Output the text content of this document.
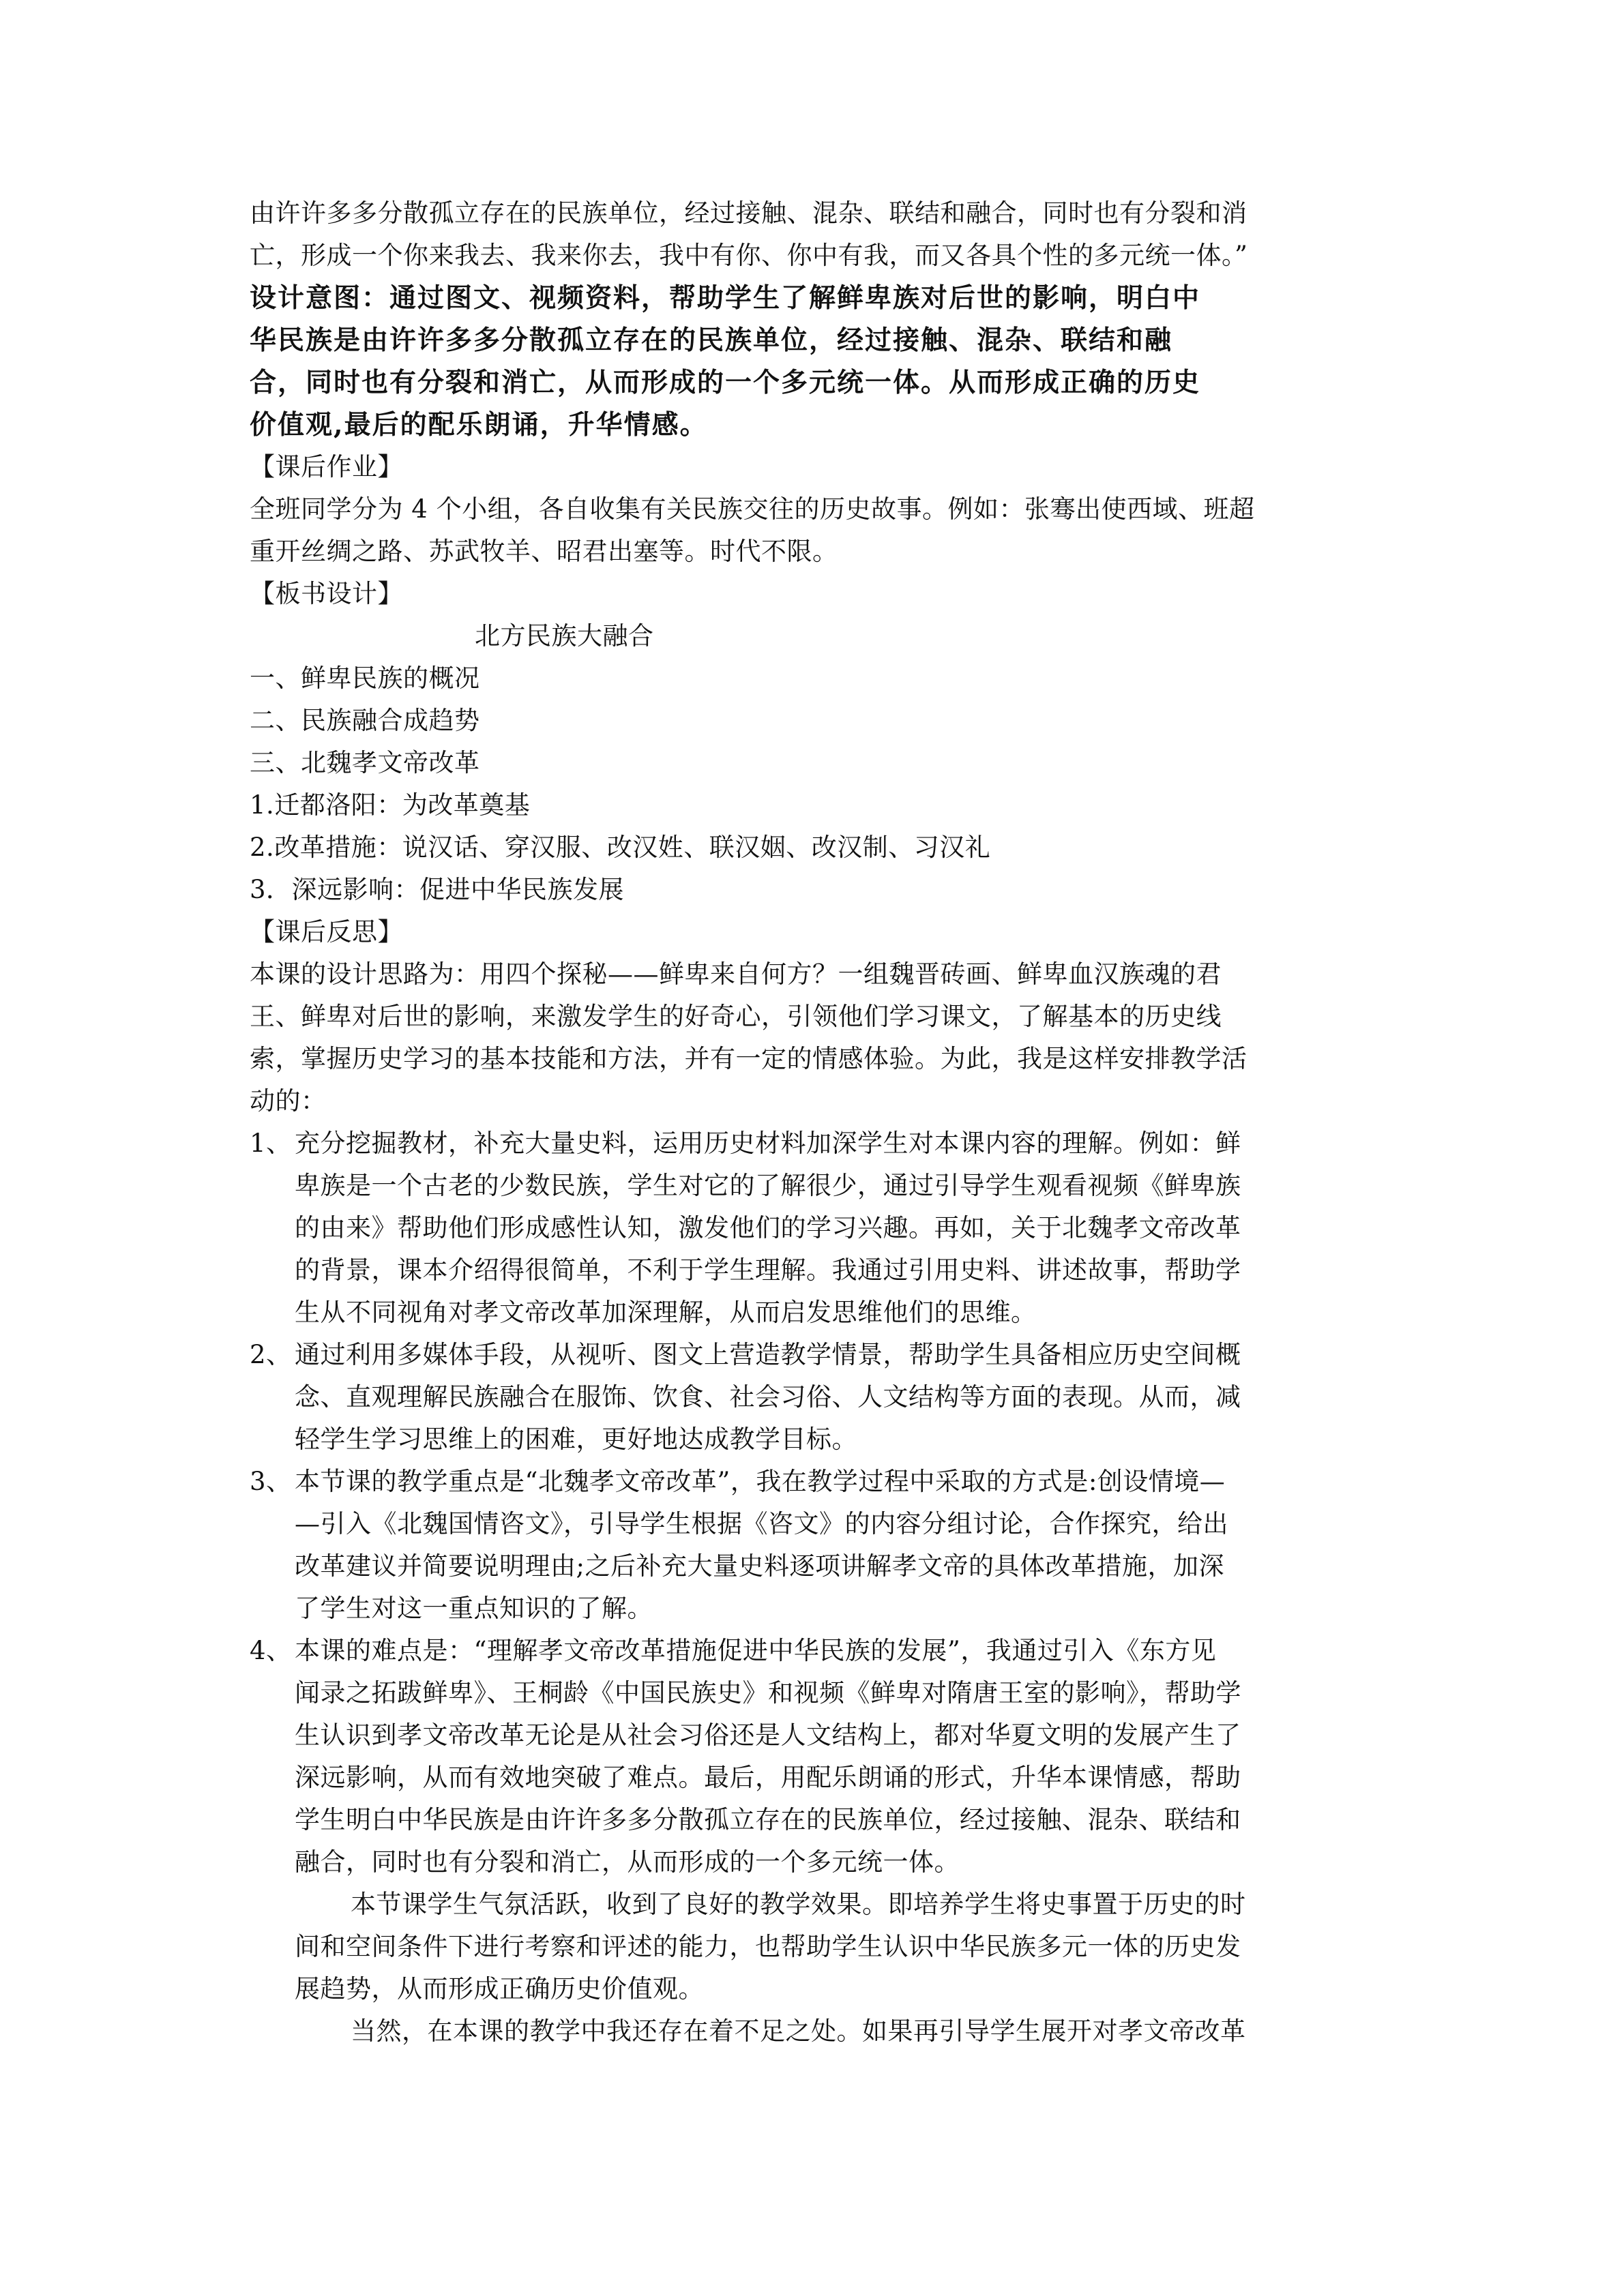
由许许多多分散孤立存在的民族单位，经过接触、混杂、联结和融合，同时也有分裂和消
亡，形成一个你来我去、我来你去，我中有你、你中有我，而又各具个性的多元统一体。”
设计意图：通过图文、视频资料，帮助学生了解鲜卑族对后世的影响，明白中
华民族是由许许多多分散孤立存在的民族单位，经过接触、混杂、联结和融
合，同时也有分裂和消亡，从而形成的一个多元统一体。从而形成正确的历史
价值观,最后的配乐朗诵，升华情感。
【课后作业】
全班同学分为 4 个小组，各自收集有关民族交往的历史故事。例如：张骞出使西域、班超
重开丝绸之路、苏武牧羊、昭君出塞等。时代不限。
【板书设计】
北方民族大融合
一、鲜卑民族的概况
二、民族融合成趋势
三、北魏孝文帝改革
1.迁都洛阳：为改革奠基
2.改革措施：说汉话、穿汉服、改汉姓、联汉姻、改汉制、习汉礼
3．深远影响：促进中华民族发展
【课后反思】
本课的设计思路为：用四个探秘——鲜卑来自何方？一组魏晋砖画、鲜卑血汉族魂的君
王、鲜卑对后世的影响，来激发学生的好奇心，引领他们学习课文，了解基本的历史线
索，掌握历史学习的基本技能和方法，并有一定的情感体验。为此，我是这样安排教学活
动的：
1、 充分挖掘教材，补充大量史料，运用历史材料加深学生对本课内容的理解。例如：鲜
卑族是一个古老的少数民族，学生对它的了解很少，通过引导学生观看视频《鲜卑族
的由来》帮助他们形成感性认知，激发他们的学习兴趣。再如，关于北魏孝文帝改革
的背景，课本介绍得很简单，不利于学生理解。我通过引用史料、讲述故事，帮助学
生从不同视角对孝文帝改革加深理解，从而启发思维他们的思维。
2、 通过利用多媒体手段，从视听、图文上营造教学情景，帮助学生具备相应历史空间概
念、直观理解民族融合在服饰、饮食、社会习俗、人文结构等方面的表现。从而，减
轻学生学习思维上的困难，更好地达成教学目标。
3、 本节课的教学重点是“北魏孝文帝改革”，我在教学过程中采取的方式是:创设情境—
—引入《北魏国情咨文》，引导学生根据《咨文》的内容分组讨论，合作探究，给出
改革建议并简要说明理由;之后补充大量史料逐项讲解孝文帝的具体改革措施，加深
了学生对这一重点知识的了解。
4、 本课的难点是：“理解孝文帝改革措施促进中华民族的发展”，我通过引入《东方见
闻录之拓跋鲜卑》、王桐龄《中国民族史》和视频《鲜卑对隋唐王室的影响》，帮助学
生认识到孝文帝改革无论是从社会习俗还是人文结构上，都对华夏文明的发展产生了
深远影响，从而有效地突破了难点。最后，用配乐朗诵的形式，升华本课情感，帮助
学生明白中华民族是由许许多多分散孤立存在的民族单位，经过接触、混杂、联结和
融合，同时也有分裂和消亡，从而形成的一个多元统一体。
本节课学生气氛活跃，收到了良好的教学效果。即培养学生将史事置于历史的时
间和空间条件下进行考察和评述的能力，也帮助学生认识中华民族多元一体的历史发
展趋势，从而形成正确历史价值观。
当然，在本课的教学中我还存在着不足之处。如果再引导学生展开对孝文帝改革
